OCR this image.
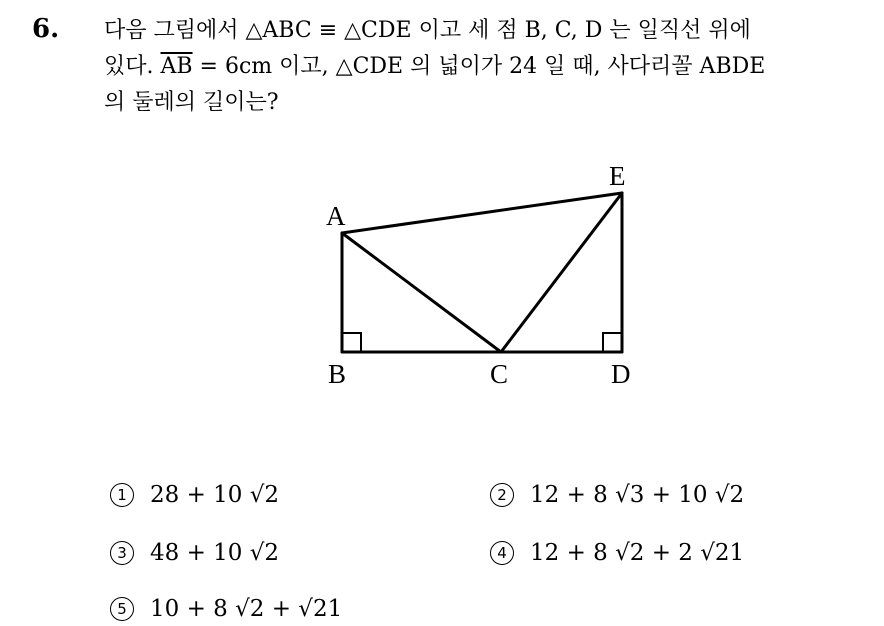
6. 다음 그림에서 △ABC ≡ △CDE 이고 세 점 B, C, D 는 일직선 위에
있다. $\overline{AB} = 6cm$ 이고, △CDE 의 넓이가 24 일 때, 사다리꼴 ABDE
의 둘레의 길이는?
A
B	C	D
E
1	28 + 10 √2	2	12 + 8 √3 + 10 √2
3	48 + 10 √2	4	12 + 8 √2 + 2 √21
5	10 + 8 √2 + √21
